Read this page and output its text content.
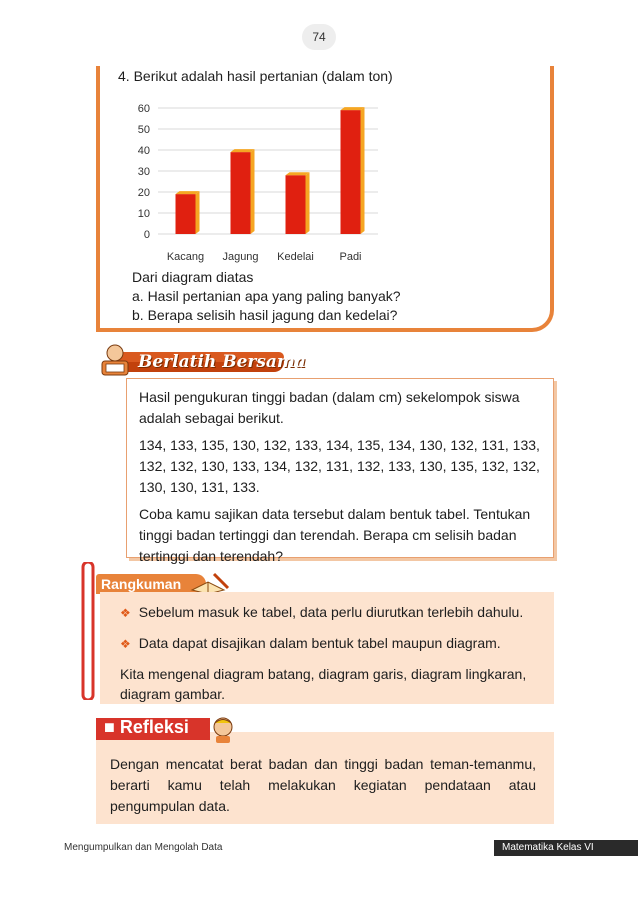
74
4. Berikut adalah hasil pertanian (dalam ton)
0
10
20
30
40
50
60
Kacang Jagung Kedelai Padi
Dari diagram diatas
a. Hasil pertanian apa yang paling banyak?
b. Berapa selisih hasil jagung dan kedelai?
Berlatih Bersama

Hasil pengukuran tinggi badan (dalam cm) sekelompok siswa adalah sebagai berikut.

134, 133, 135, 130, 132, 133, 134, 135, 134, 130, 132, 131, 133, 132, 132, 130, 133, 134, 132, 131, 132, 133, 130, 135, 132, 132, 130, 130, 131, 133.

Coba kamu sajikan data tersebut dalam bentuk tabel. Tentukan tinggi badan tertinggi dan terendah. Berapa cm selisih badan tertinggi dan terendah?

Rangkuman
❖ Sebelum masuk ke tabel, data perlu diurutkan terlebih dahulu.
❖ Data dapat disajikan dalam bentuk tabel maupun diagram.
Kita mengenal diagram batang, diagram garis, diagram lingkaran, diagram gambar.
Dengan mencatat berat badan dan tinggi badan teman-temanmu, berarti kamu telah melakukan kegiatan pendataan atau pengumpulan data.
■ Refleksi
Mengumpulkan dan Mengolah Data	Matematika Kelas VI
